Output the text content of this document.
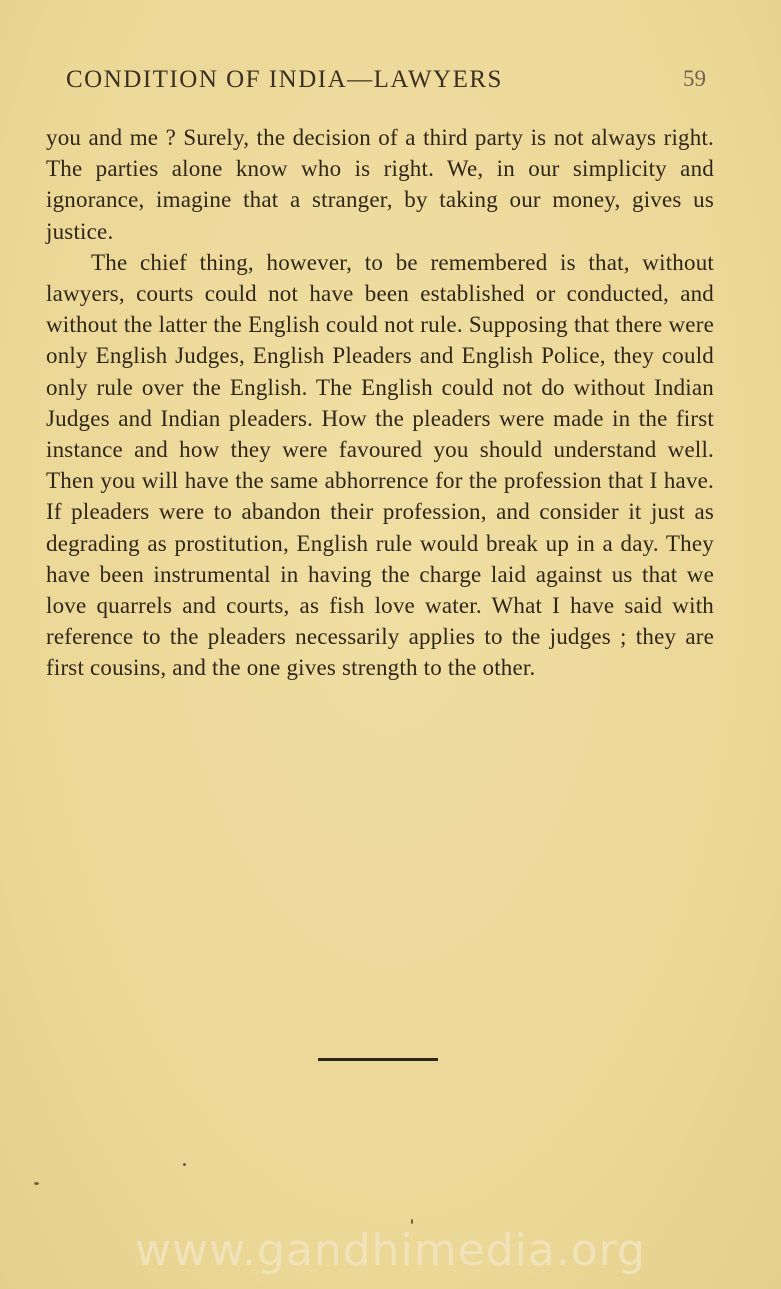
CONDITION OF INDIA—LAWYERS	59

you and me ? Surely, the decision of a third party is not always right. The parties alone know who is right. We, in our simplicity and ignorance, imagine that a stranger, by taking our money, gives us justice.

The chief thing, however, to be remembered is that, without lawyers, courts could not have been established or conducted, and without the latter the English could not rule. Supposing that there were only English Judges, English Pleaders and English Police, they could only rule over the English. The English could not do without Indian Judges and Indian pleaders. How the pleaders were made in the first instance and how they were favoured you should understand well. Then you will have the same abhorrence for the profession that I have. If pleaders were to abandon their profession, and consider it just as degrading as prostitution, English rule would break up in a day. They have been instrumental in having the charge laid against us that we love quarrels and courts, as fish love water. What I have said with reference to the pleaders necessarily applies to the judges ; they are first cousins, and the one gives strength to the other.

www.gandhimedia.org
